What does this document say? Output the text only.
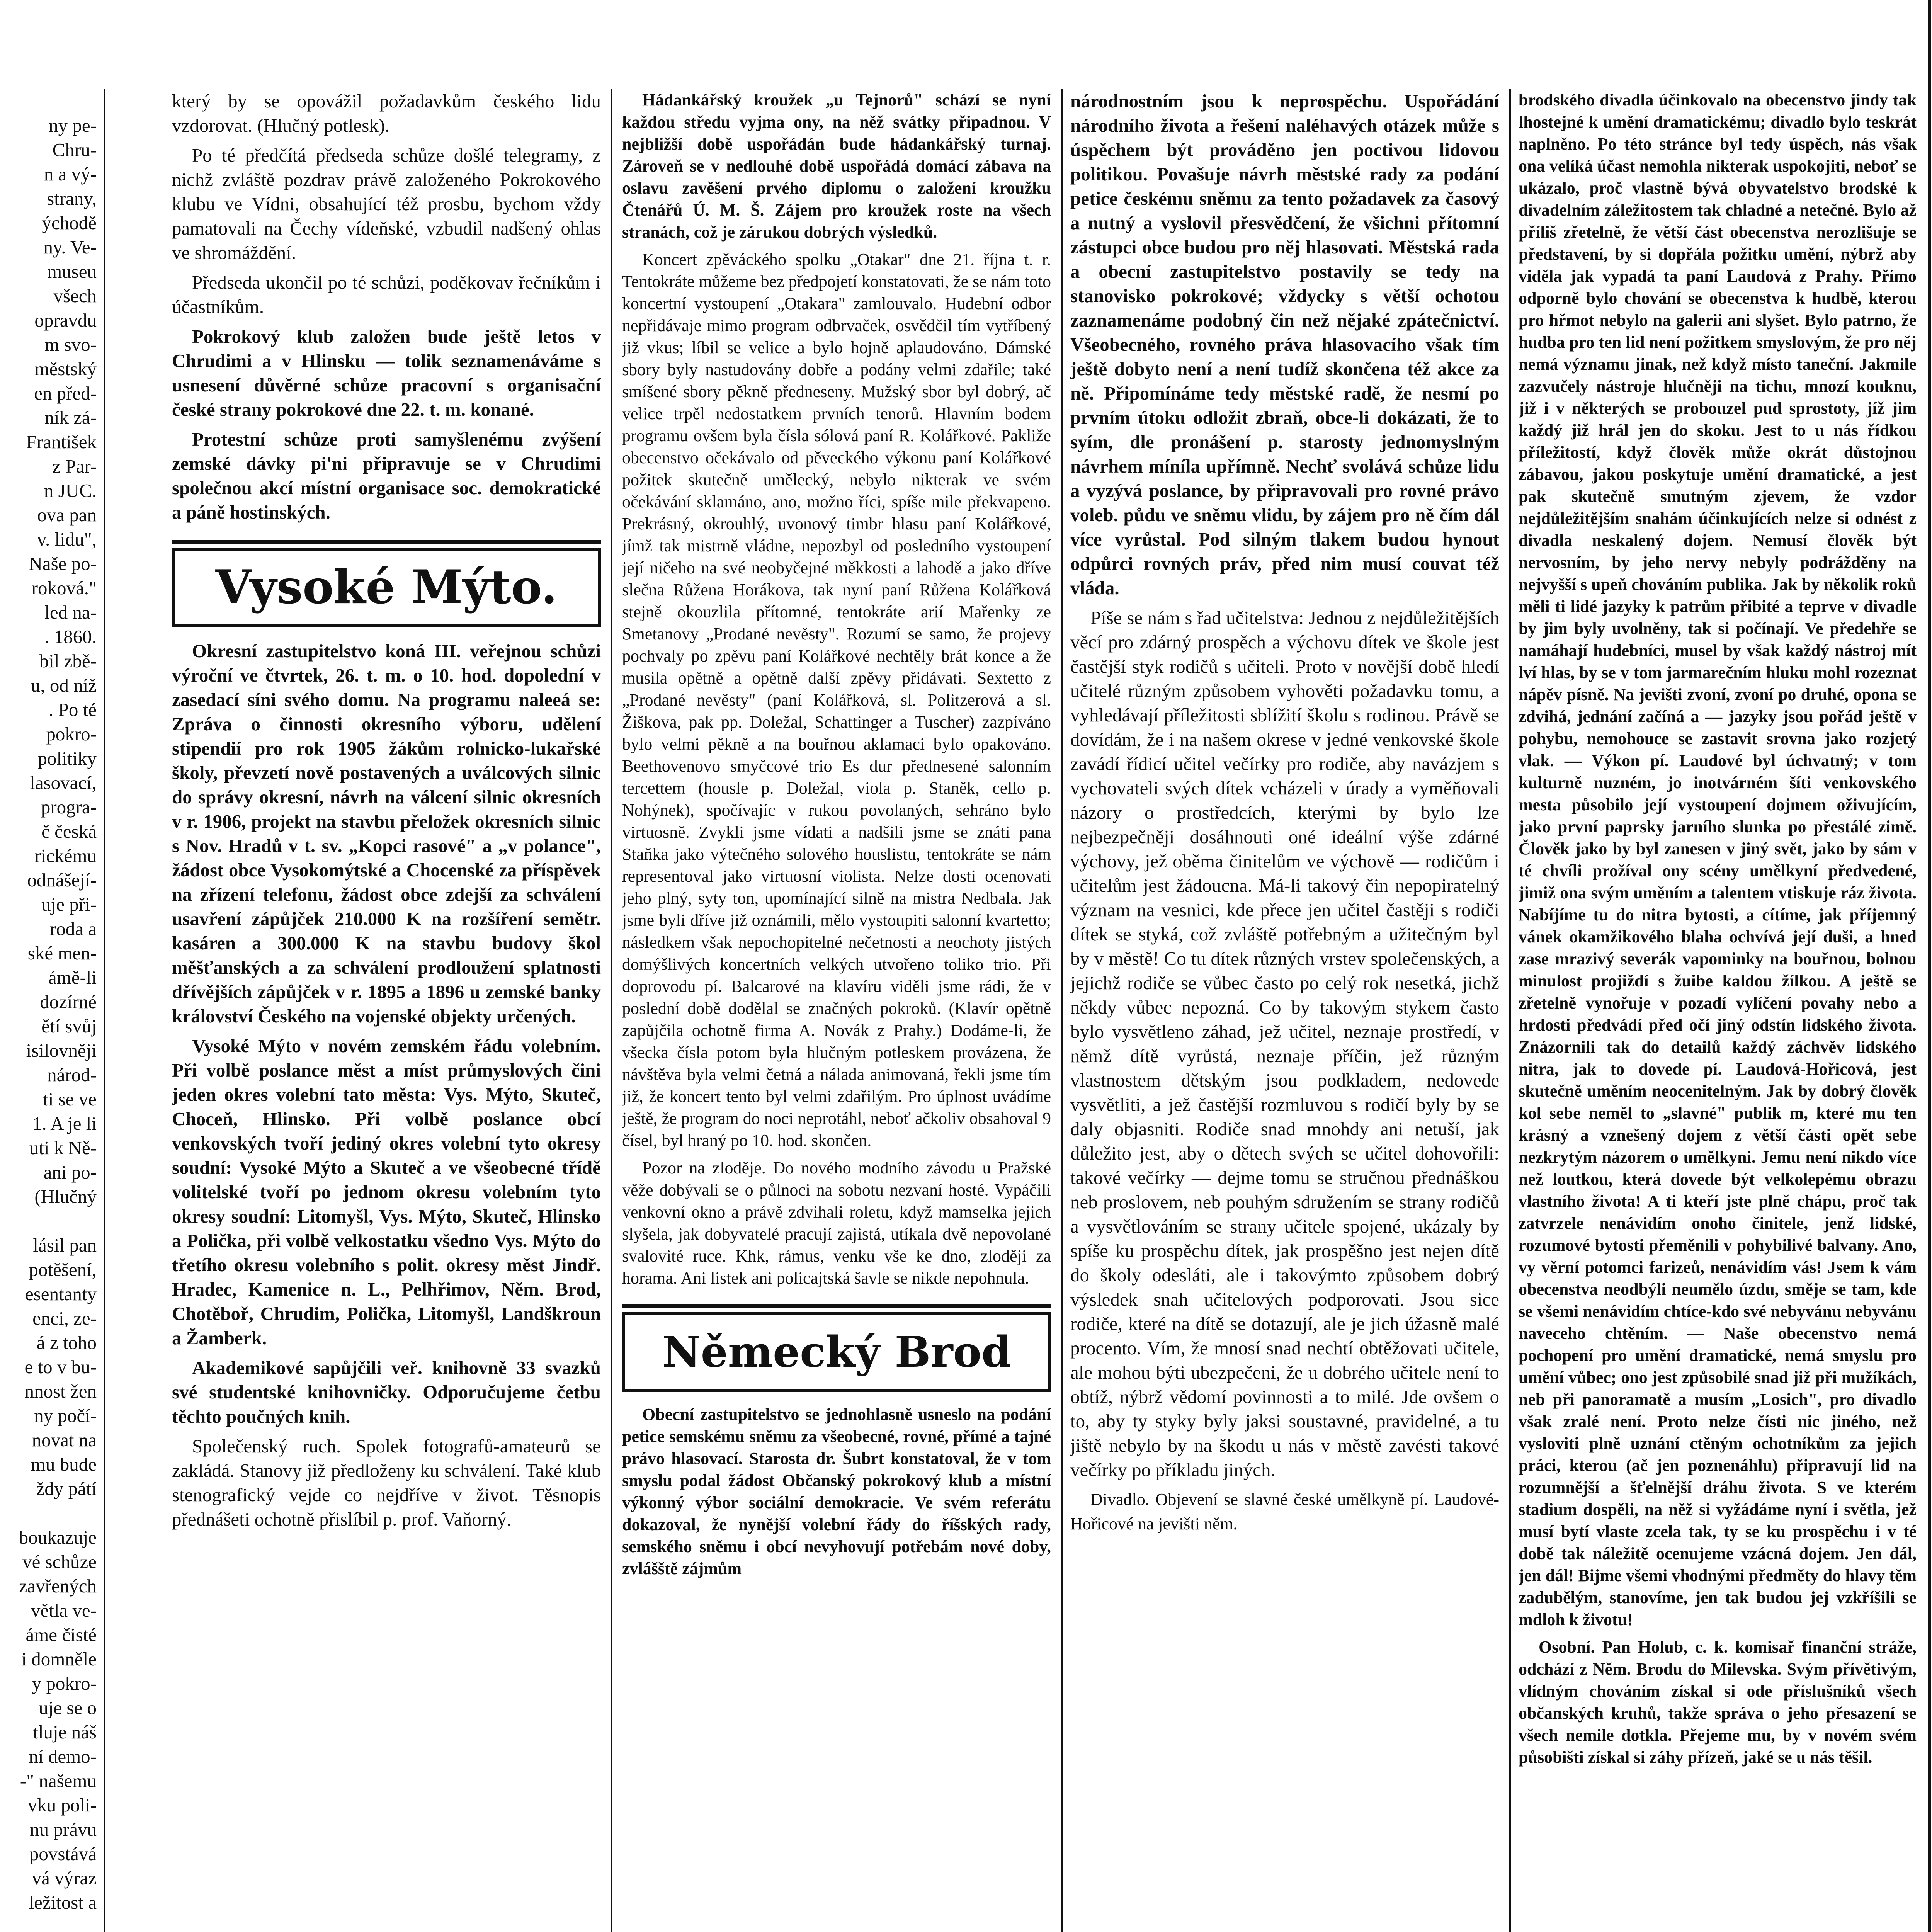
ny pe-
Chru-
n a vý-
strany,
ýchodě
ny. Ve-
museu
všech
opravdu
m svo-
městský
en před-
ník zá-
František
z Par-
n JUC.
ova pan
v. lidu",
Naše po-
roková."
led na-
. 1860.
bil zbě-
u, od níž
. Po té
pokro-
politiky
lasovací,
progra-
č česká
rickému
odnášejí-
uje při-
roda a
ské men-
ámě-li
dozírné
ětí svůj
isilovněji
národ-
ti se ve
1. A je li
uti k Ně-
ani po-
(Hlučný

lásil pan
potěšení,
esentanty
enci, ze-
á z toho
e to v bu-
nnost žen
ny počí-
novat na
mu bude
ždy pátí

boukazuje
vé schůze
zavřených
větla ve-
áme čisté
i domněle
y pokro-
uje se o
tluje náš
ní demo-
-" našemu
vku poli-
nu právu
povstává
vá výraz
ležitost a

který by se opovážil požadavkům českého lidu vzdorovat. (Hlučný potlesk).

Po té předčítá předseda schůze došlé telegramy, z nichž zvláště pozdrav právě založeného Pokrokového klubu ve Vídni, obsahující též prosbu, bychom vždy pamatovali na Čechy vídeňské, vzbudil nadšený ohlas ve shromáždění.

Předseda ukončil po té schůzi, poděkovav řečníkům i účastníkům.

Pokrokový klub založen bude ještě letos v Chrudimi a v Hlinsku — tolik seznamenáváme s usnesení důvěrné schůze pracovní s organisační české strany pokrokové dne 22. t. m. konané.

Protestní schůze proti samyšlenému zvýšení zemské dávky pi'ni připravuje se v Chrudimi společnou akcí místní organisace soc. demokratické a páně hostinských.

Vysoké Mýto.

Okresní zastupitelstvo koná III. veřejnou schůzi výroční ve čtvrtek, 26. t. m. o 10. hod. dopolední v zasedací síni svého domu. Na programu naleeá se: Zpráva o činnosti okresního výboru, udělení stipendií pro rok 1905 žákům rolnicko-lukařské školy, převzetí nově postavených a uválcových silnic do správy okresní, návrh na válcení silnic okresních v r. 1906, projekt na stavbu přeložek okresních silnic s Nov. Hradů v t. sv. „Kopci rasové" a „v polance", žádost obce Vysokomýtské a Chocenské za příspěvek na zřízení telefonu, žádost obce zdejší za schválení usavření zápůjček 210.000 K na rozšíření semětr. kasáren a 300.000 K na stavbu budovy škol měšťanských a za schválení prodloužení splatnosti dřívějších zápůjček v r. 1895 a 1896 u zemské banky království Českého na vojenské objekty určených.

Vysoké Mýto v novém zemském řádu volebním. Při volbě poslance měst a míst průmyslových čini jeden okres volební tato města: Vys. Mýto, Skuteč, Choceň, Hlinsko. Při volbě poslance obcí venkovských tvoří jediný okres volební tyto okresy soudní: Vysoké Mýto a Skuteč a ve všeobecné třídě volitelské tvoří po jednom okresu volebním tyto okresy soudní: Litomyšl, Vys. Mýto, Skuteč, Hlinsko a Polička, při volbě velkostatku všedno Vys. Mýto do třetího okresu volebního s polit. okresy měst Jindř. Hradec, Kamenice n. L., Pelhřimov, Něm. Brod, Chotěboř, Chrudim, Polička, Litomyšl, Landškroun a Žamberk.

Akademikové sapůjčili veř. knihovně 33 svazků své studentské knihovničky. Odporučujeme četbu těchto poučných knih.

Společenský ruch. Spolek fotografů-amateurů se zakládá. Stanovy již předloženy ku schválení. Také klub stenografický vejde co nejdříve v život. Těsnopis přednášeti ochotně přislíbil p. prof. Vaňorný.

Hádankářský kroužek „u Tejnorů" schází se nyní každou středu vyjma ony, na něž svátky připadnou. V nejbližší době uspořádán bude hádankářský turnaj. Zároveň se v nedlouhé době uspořádá domácí zábava na oslavu zavěšení prvého diplomu o založení kroužku Čtenářů Ú. M. Š. Zájem pro kroužek roste na všech stranách, což je zárukou dobrých výsledků.

Koncert zpěváckého spolku „Otakar" dne 21. října t. r. Tentokráte můžeme bez předpojetí konstatovati, že se nám toto koncertní vystoupení „Otakara" zamlouvalo. Hudební odbor nepřidávaje mimo program odbrvaček, osvědčil tím vytříbený již vkus; líbil se velice a bylo hojně aplaudováno. Dámské sbory byly nastudovány dobře a podány velmi zdařile; také smíšené sbory pěkně předneseny. Mužský sbor byl dobrý, ač velice trpěl nedostatkem prvních tenorů. Hlavním bodem programu ovšem byla čísla sólová paní R. Kolářkové. Pakliže obecenstvo očekávalo od pěveckého výkonu paní Kolářkové požitek skutečně umělecký, nebylo nikterak ve svém očekávání sklamáno, ano, možno říci, spíše mile překvapeno. Prekrásný, okrouhlý, uvonový timbr hlasu paní Kolářkové, jímž tak mistrně vládne, nepozbyl od posledního vystoupení její ničeho na své neobyčejné měkkosti a lahodě a jako dříve slečna Růžena Horákova, tak nyní paní Růžena Kolářková stejně okouzlila přítomné, tentokráte arií Mařenky ze Smetanovy „Prodané nevěsty". Rozumí se samo, že projevy pochvaly po zpěvu paní Kolářkové nechtěly brát konce a že musila opětně a opětně další zpěvy přidávati. Sextetto z „Prodané nevěsty" (paní Kolářková, sl. Politzerová a sl. Žiškova, pak pp. Doležal, Schattinger a Tuscher) zazpíváno bylo velmi pěkně a na bouřnou aklamaci bylo opakováno. Beethovenovo smyčcové trio Es dur přednesené salonním tercettem (housle p. Doležal, viola p. Staněk, cello p. Nohýnek), spočívajíc v rukou povolaných, sehráno bylo virtuosně. Zvykli jsme vídati a nadšili jsme se znáti pana Staňka jako výtečného solového houslistu, tentokráte se nám representoval jako virtuosní violista. Nelze dosti ocenovati jeho plný, syty ton, upomínající silně na mistra Nedbala. Jak jsme byli dříve již oznámili, mělo vystoupiti salonní kvartetto; následkem však nepochopitelné nečetnosti a neochoty jistých domýšlivých koncertních velkých utvořeno toliko trio. Při doprovodu pí. Balcarové na klavíru viděli jsme rádi, že v poslední době dodělal se značných pokroků. (Klavír opětně zapůjčila ochotně firma A. Novák z Prahy.) Dodáme-li, že všecka čísla potom byla hlučným potleskem provázena, že návštěva byla velmi četná a nálada animovaná, řekli jsme tím již, že koncert tento byl velmi zdařilým. Pro úplnost uvádíme ještě, že program do noci neprotáhl, neboť ačkoliv obsahoval 9 čísel, byl hraný po 10. hod. skončen.

Pozor na zloděje. Do nového modního závodu u Pražské věže dobývali se o půlnoci na sobotu nezvaní hosté. Vypáčili venkovní okno a právě zdvihali roletu, když mamselka jejich slyšela, jak dobyvatelé pracují zajistá, utíkala dvě nepovolané svalovité ruce. Khk, rámus, venku vše ke dno, zloději za horama. Ani listek ani policajtská šavle se nikde nepohnula.

Německý Brod

Obecní zastupitelstvo se jednohlasně usneslo na podání petice semskému sněmu za všeobecné, rovné, přímé a tajné právo hlasovací. Starosta dr. Šubrt konstatoval, že v tom smyslu podal žádost Občanský pokrokový klub a místní výkonný výbor sociální demokracie. Ve svém referátu dokazoval, že nynější volební řády do říšských rady, semského sněmu i obcí nevyhovují potřebám nové doby, zvlášště zájmům

národnostním jsou k neprospěchu. Uspořádání národního života a řešení naléhavých otázek může s úspěchem být prováděno jen poctivou lidovou politikou. Povašuje návrh městské rady za podání petice českému sněmu za tento požadavek za časový a nutný a vyslovil přesvědčení, že všichni přítomní zástupci obce budou pro něj hlasovati. Městská rada a obecní zastupitelstvo postavily se tedy na stanovisko pokrokové; vždycky s větší ochotou zaznamenáme podobný čin než nějaké zpátečnictví. Všeobecného, rovného práva hlasovacího však tím ještě dobyto není a není tudíž skončena též akce za ně. Připomínáme tedy městské radě, že nesmí po prvním útoku odložit zbraň, obce-li dokázati, že to syím, dle pronášení p. starosty jednomyslným návrhem míníla upřímně. Nechť svolává schůze lidu a vyzývá poslance, by připravovali pro rovné právo voleb. půdu ve sněmu vlidu, by zájem pro ně čím dál více vyrůstal. Pod silným tlakem budou hynout odpůrci rovných práv, před nim musí couvat též vláda.

Píše se nám s řad učitelstva: Jednou z nejdůležitějších věcí pro zdárný prospěch a výchovu dítek ve škole jest častější styk rodičů s učiteli. Proto v novější době hledí učitelé různým způsobem vyhověti požadavku tomu, a vyhledávají příležitosti sblížití školu s rodinou. Právě se dovídám, že i na našem okrese v jedné venkovské škole zavádí řídicí učitel večírky pro rodiče, aby navázjem s vychovateli svých dítek vcházeli v úrady a vyměňovali názory o prostředcích, kterými by bylo lze nejbezpečněji dosáhnouti oné ideální výše zdárné výchovy, jež oběma činitelům ve výchově — rodičům i učitelům jest žádoucna. Má-li takový čin nepopiratelný význam na vesnici, kde přece jen učitel častěji s rodiči dítek se styká, což zvláště potřebným a užitečným byl by v městě! Co tu dítek různých vrstev společenských, a jejichž rodiče se vůbec často po celý rok nesetká, jichž někdy vůbec nepozná. Co by takovým stykem často bylo vysvětleno záhad, jež učitel, neznaje prostředí, v němž dítě vyrůstá, neznaje příčin, jež různým vlastnostem dětským jsou podkladem, nedovede vysvětliti, a jež častější rozmluvou s rodičí byly by se daly objasniti. Rodiče snad mnohdy ani netuší, jak důležito jest, aby o dětech svých se učitel dohovořili: takové večírky — dejme tomu se stručnou přednáškou neb proslovem, neb pouhým sdružením se strany rodičů a vysvětlováním se strany učitele spojené, ukázaly by spíše ku prospěchu dítek, jak prospěšno jest nejen dítě do školy odesláti, ale i takovýmto způsobem dobrý výsledek snah učitelových podporovati. Jsou sice rodiče, které na dítě se dotazují, ale je jich úžasně malé procento. Vím, že mnosí snad nechtí obtěžovati učitele, ale mohou býti ubezpečeni, že u dobrého učitele není to obtíž, nýbrž vědomí povinnosti a to milé. Jde ovšem o to, aby ty styky byly jaksi soustavné, pravidelné, a tu jiště nebylo by na škodu u nás v městě zavésti takové večírky po příkladu jiných.

Divadlo. Objevení se slavné české umělkyně pí. Laudové-Hořicové na jevišti něm.

brodského divadla účinkovalo na obecenstvo jindy tak lhostejné k umění dramatickému; divadlo bylo teskrát naplněno. Po této stránce byl tedy úspěch, nás však ona velíká účast nemohla nikterak uspokojiti, neboť se ukázalo, proč vlastně bývá obyvatelstvo brodské k divadelním záležitostem tak chladné a netečné. Bylo až příliš zřetelně, že větší část obecenstva nerozlišuje se představení, by si dopřála požitku umění, nýbrž aby viděla jak vypadá ta paní Laudová z Prahy. Přímo odporně bylo chování se obecenstva k hudbě, kterou pro hřmot nebylo na galerii ani slyšet. Bylo patrno, že hudba pro ten lid není požitkem smyslovým, že pro něj nemá významu jinak, než když místo taneční. Jakmile zazvučely nástroje hlučněji na tichu, mnozí kouknu, již i v některých se probouzel pud sprostoty, jíž jim každý již hrál jen do skoku. Jest to u nás řídkou příležitostí, když člověk může okrát důstojnou zábavou, jakou poskytuje umění dramatické, a jest pak skutečně smutným zjevem, že vzdor nejdůležitějším snahám účinkujících nelze si odnést z divadla neskalený dojem. Nemusí člověk být nervosním, by jeho nervy nebyly podrážděny na nejvyšší s upeň chováním publika. Jak by několik roků měli ti lidé jazyky k patrům přibité a teprve v divadle by jim byly uvolněny, tak si počínají. Ve předehře se namáhají hudebníci, musel by však každý nástroj mít lví hlas, by se v tom jarmarečním hluku mohl rozeznat nápěv písně. Na jevišti zvoní, zvoní po druhé, opona se zdvihá, jednání začíná a — jazyky jsou pořád ještě v pohybu, nemohouce se zastavit srovna jako rozjetý vlak. — Výkon pí. Laudové byl úchvatný; v tom kulturně nuzném, jo inotvárném šíti venkovského mesta působilo její vystoupení dojmem oživujícím, jako první paprsky jarního slunka po přestálé zimě. Člověk jako by byl zanesen v jiný svět, jako by sám v té chvíli prožíval ony scény umělkyní předvedené, jimiž ona svým uměním a talentem vtiskuje ráz života. Nabíjíme tu do nitra bytosti, a cítíme, jak příjemný vánek okamžikového blaha ochvívá její duši, a hned zase mrazivý severák vapominky na bouřnou, bolnou minulost projiždí s žuibe kaldou žílkou. A ještě se zřetelně vynořuje v pozadí vylíčení povahy nebo a hrdosti předvádí před očí jiný odstín lidského života. Znázornili tak do detailů každý záchvěv lidského nitra, jak to dovede pí. Laudová-Hořicová, jest skutečně uměním neocenitelným. Jak by dobrý člověk kol sebe neměl to „slavné" publik m, které mu ten krásný a vznešený dojem z větší části opět sebe nezkrytým názorem o umělkyni. Jemu není nikdo více než loutkou, která dovede být velkolepému obrazu vlastního života! A ti kteří jste plně chápu, proč tak zatvrzele nenávidím onoho činitele, jenž lidské, rozumové bytosti přeměnili v pohybilivé balvany. Ano, vy věrní potomci farizeů, nenávidím vás! Jsem k vám obecenstva neodbýli neumělo úzdu, směje se tam, kde se všemi nenávidím chtíce-kdo své nebyvánu nebyvánu naveceho chtěním. — Naše obecenstvo nemá pochopení pro umění dramatické, nemá smyslu pro umění vůbec; ono jest způsobilé snad již při mužíkách, neb při panoramatě a musím „Losich", pro divadlo však zralé není. Proto nelze čísti nic jiného, než vysloviti plně uznání ctěným ochotníkům za jejich práci, kterou (ač jen poznenáhlu) připravují lid na rozumnější a šťelnější dráhu života. S ve kterém stadium dospěli, na něž si vyžádáme nyní i světla, jež musí bytí vlaste zcela tak, ty se ku prospěchu i v té době tak náležitě ocenujeme vzácná dojem. Jen dál, jen dál! Bijme všemi vhodnými předměty do hlavy těm zadubělým, stanovíme, jen tak budou jej vzkříšili se mdloh k životu!

Osobní. Pan Holub, c. k. komisař finanční stráže, odchází z Něm. Brodu do Milevska. Svým přívětivým, vlídným chováním získal si ode příslušníků všech občanských kruhů, takže správa o jeho přesazení se všech nemile dotkla. Přejeme mu, by v novém svém působišti získal si záhy přízeň, jaké se u nás těšil.
